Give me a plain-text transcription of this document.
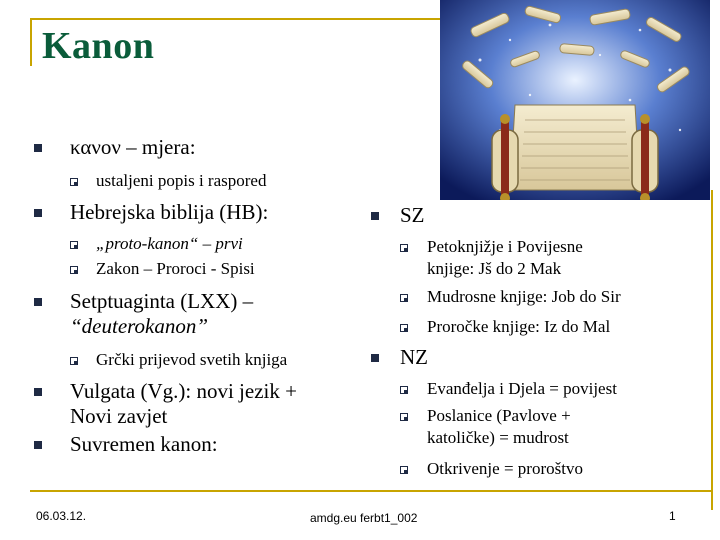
Kanon
κανον – mjera:
ustaljeni popis i raspored
Hebrejska biblija (HB):
„proto-kanon“ – prvi
Zakon – Proroci - Spisi
Setptuaginta (LXX) –
“deuterokanon”
Grčki prijevod svetih knjiga
Vulgata (Vg.): novi jezik +
Novi zavjet
Suvremen kanon:
SZ
Petoknjižje i Povijesne
knjige: Jš do 2 Mak
Mudrosne knjige: Job do Sir
Proročke knjige: Iz do Mal
NZ
Evanđelja i Djela = povijest
Poslanice (Pavlove +
katoličke) = mudrost
Otkrivenje = proroštvo
06.03.12.	amdg.eu ferbt1_002	1
